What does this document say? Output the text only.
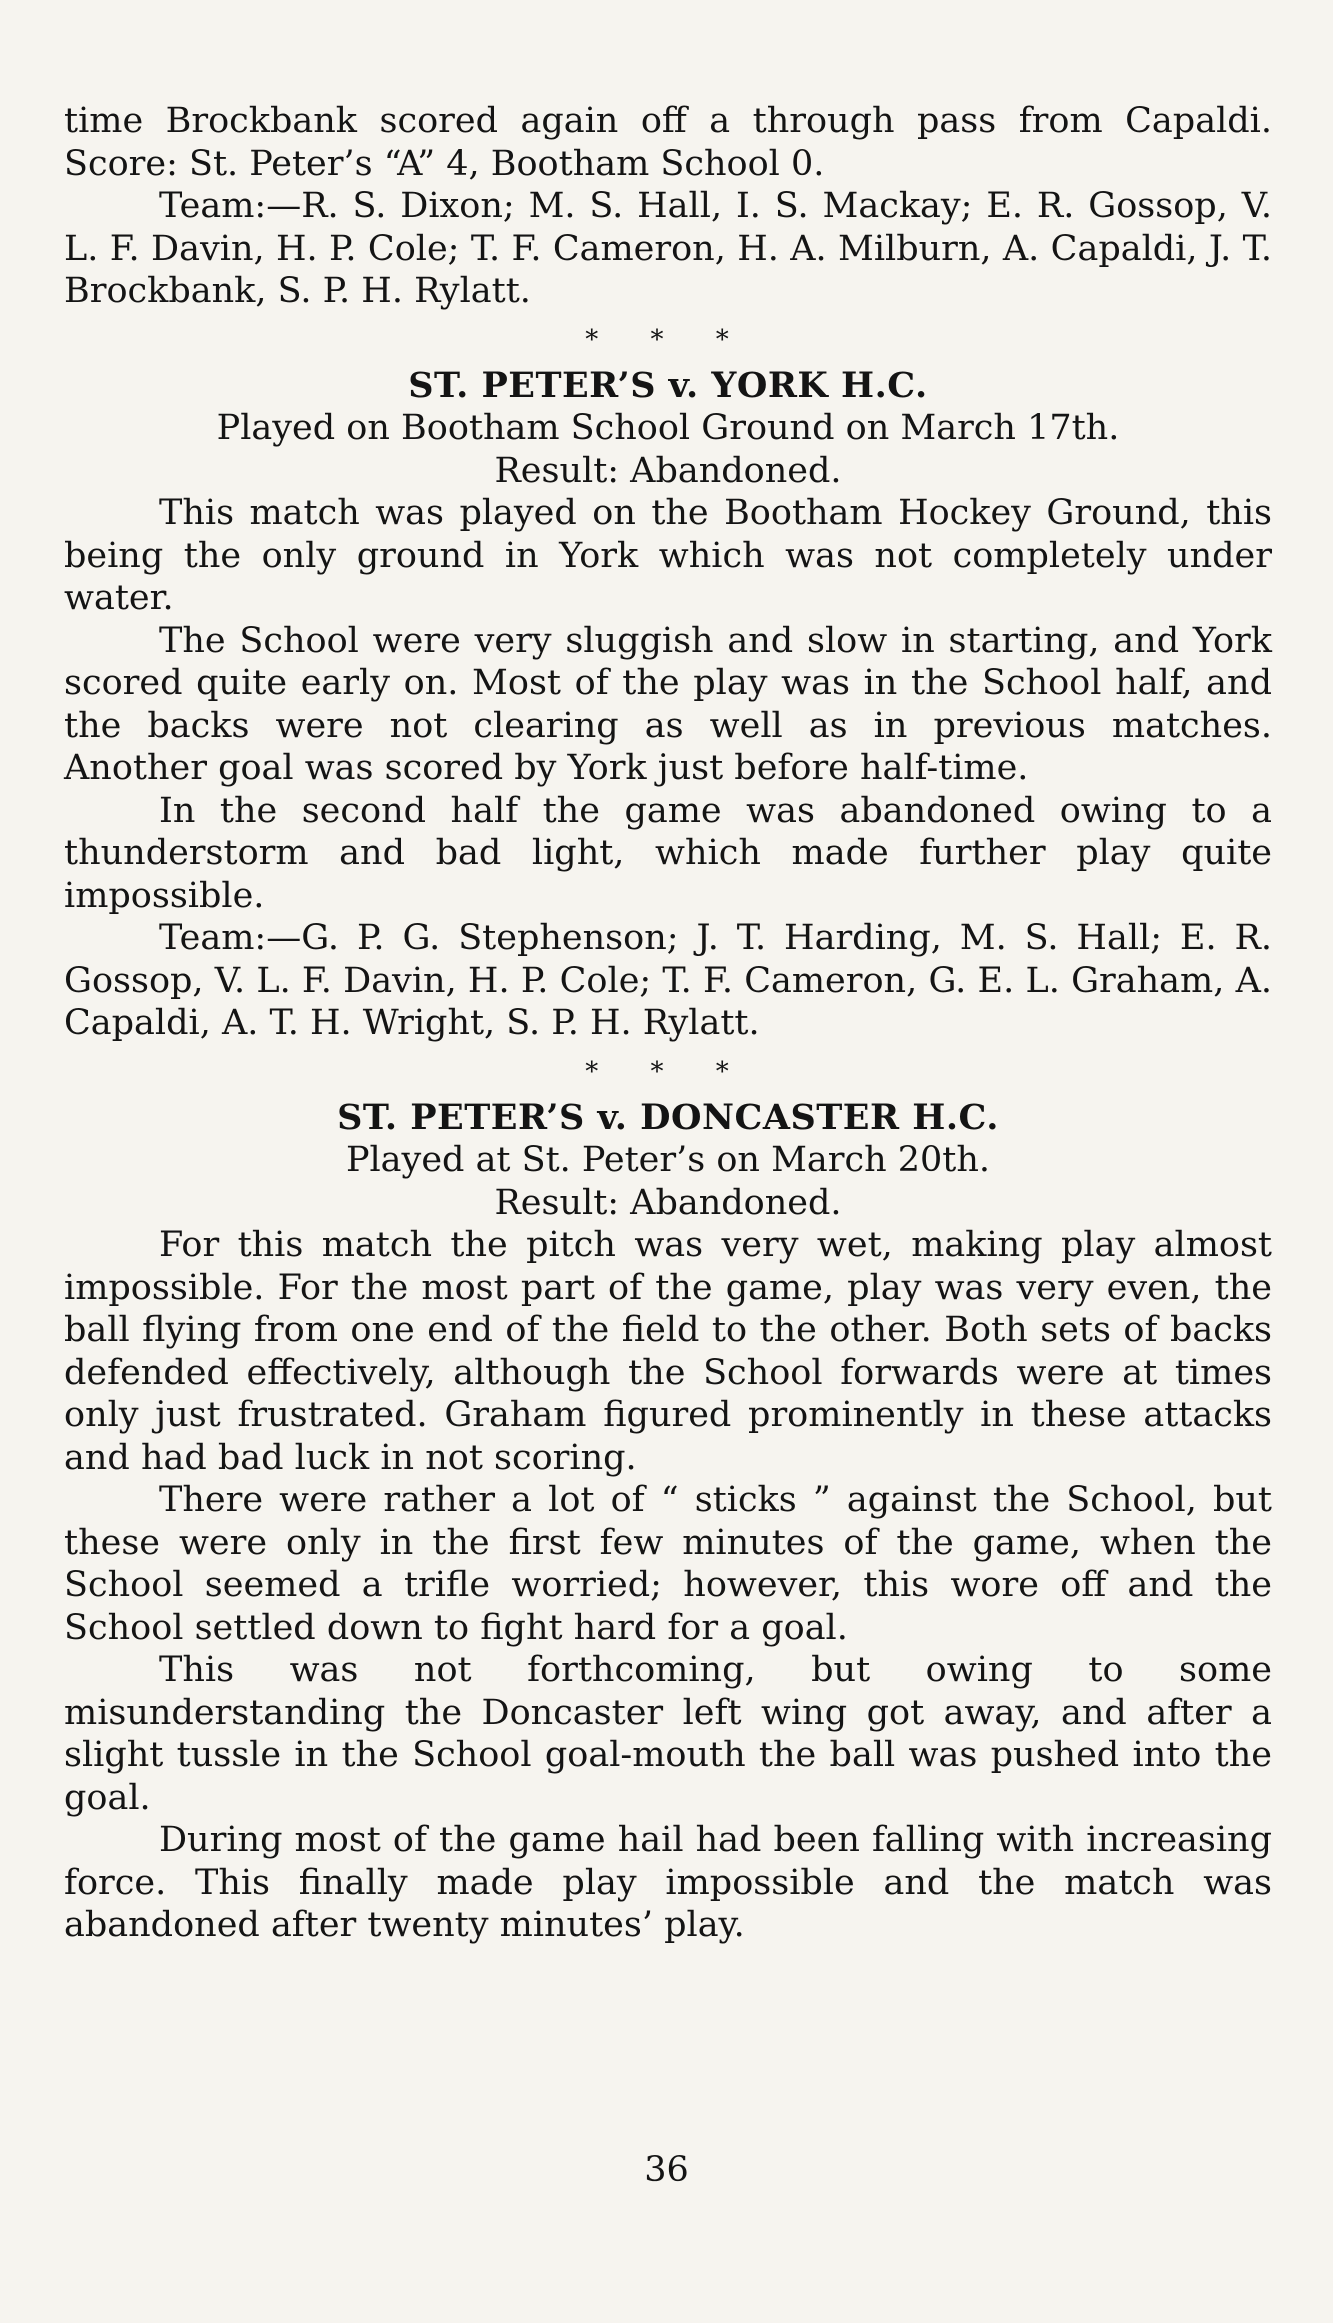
time Brockbank scored again off a through pass from Capaldi. Score: St. Peter’s “A” 4, Bootham School 0.

Team:—R. S. Dixon; M. S. Hall, I. S. Mackay; E. R. Gossop, V. L. F. Davin, H. P. Cole; T. F. Cameron, H. A. Milburn, A. Capaldi, J. T. Brockbank, S. P. H. Rylatt.

* * *

ST. PETER’S v. YORK H.C.

Played on Bootham School Ground on March 17th.

Result: Abandoned.

This match was played on the Bootham Hockey Ground, this being the only ground in York which was not completely under water.

The School were very sluggish and slow in starting, and York scored quite early on. Most of the play was in the School half, and the backs were not clearing as well as in previous matches. Another goal was scored by York just before half-time.

In the second half the game was abandoned owing to a thunderstorm and bad light, which made further play quite impossible.

Team:—G. P. G. Stephenson; J. T. Harding, M. S. Hall; E. R. Gossop, V. L. F. Davin, H. P. Cole; T. F. Cameron, G. E. L. Graham, A. Capaldi, A. T. H. Wright, S. P. H. Rylatt.

* * *

ST. PETER’S v. DONCASTER H.C.

Played at St. Peter’s on March 20th.

Result: Abandoned.

For this match the pitch was very wet, making play almost impossible. For the most part of the game, play was very even, the ball flying from one end of the field to the other. Both sets of backs defended effectively, although the School forwards were at times only just frustrated. Graham figured prominently in these attacks and had bad luck in not scoring.

There were rather a lot of “ sticks ” against the School, but these were only in the first few minutes of the game, when the School seemed a trifle worried; however, this wore off and the School settled down to fight hard for a goal.

This was not forthcoming, but owing to some misunderstanding the Doncaster left wing got away, and after a slight tussle in the School goal-mouth the ball was pushed into the goal.

During most of the game hail had been falling with increasing force. This finally made play impossible and the match was abandoned after twenty minutes’ play.

36
